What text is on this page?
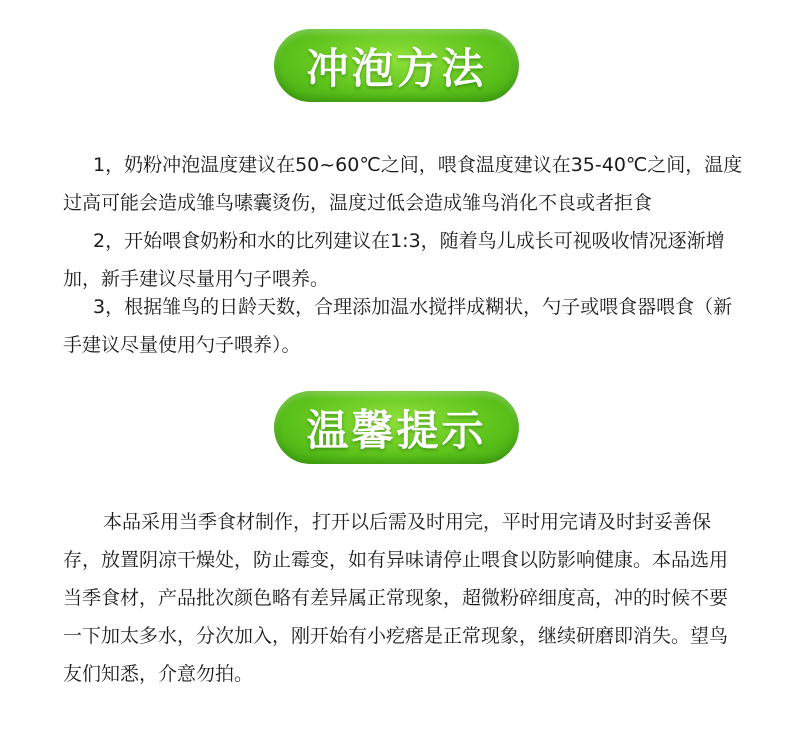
冲泡方法

1，奶粉冲泡温度建议在50~60℃之间，喂食温度建议在35-40℃之间，温度过高可能会造成雏鸟嗉囊烫伤，温度过低会造成雏鸟消化不良或者拒食

2，开始喂食奶粉和水的比列建议在1:3，随着鸟儿成长可视吸收情况逐渐增加，新手建议尽量用勺子喂养。

3，根据雏鸟的日龄天数，合理添加温水搅拌成糊状，勺子或喂食器喂食（新手建议尽量使用勺子喂养）。

温馨提示

本品采用当季食材制作，打开以后需及时用完，平时用完请及时封妥善保存，放置阴凉干燥处，防止霉变，如有异味请停止喂食以防影响健康。本品选用当季食材，产品批次颜色略有差异属正常现象，超微粉碎细度高，冲的时候不要一下加太多水，分次加入，刚开始有小疙瘩是正常现象，继续研磨即消失。望鸟友们知悉，介意勿拍。
